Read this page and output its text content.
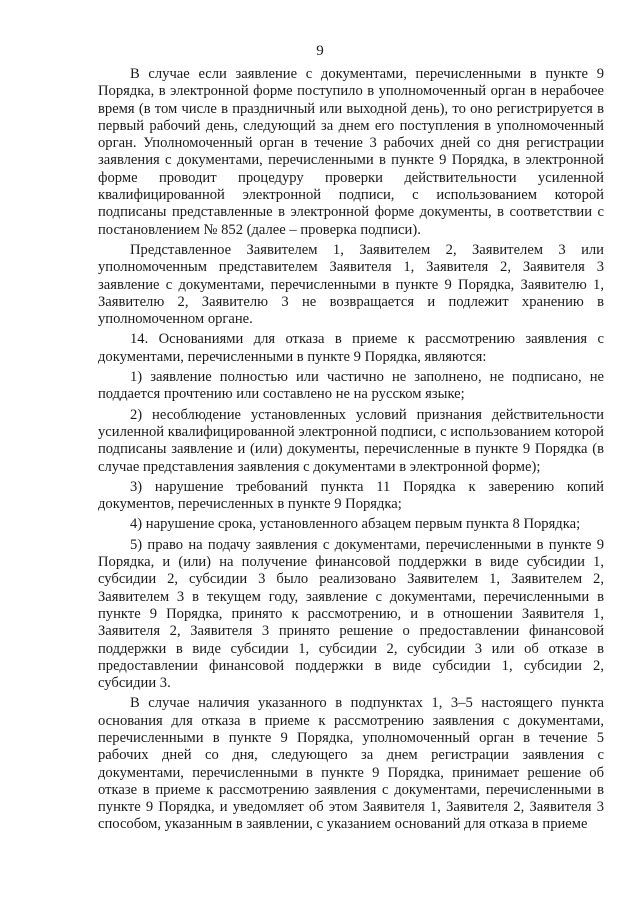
9

В случае если заявление с документами, перечисленными в пункте 9 Порядка, в электронной форме поступило в уполномоченный орган в нерабочее время (в том числе в праздничный или выходной день), то оно регистрируется в первый рабочий день, следующий за днем его поступления в уполномоченный орган. Уполномоченный орган в течение 3 рабочих дней со дня регистрации заявления с документами, перечисленными в пункте 9 Порядка, в электронной форме проводит процедуру проверки действительности усиленной квалифицированной электронной подписи, с использованием которой подписаны представленные в электронной форме документы, в соответствии с постановлением № 852 (далее – проверка подписи).

Представленное Заявителем 1, Заявителем 2, Заявителем 3 или уполномоченным представителем Заявителя 1, Заявителя 2, Заявителя 3 заявление с документами, перечисленными в пункте 9 Порядка, Заявителю 1, Заявителю 2, Заявителю 3 не возвращается и подлежит хранению в уполномоченном органе.

14. Основаниями для отказа в приеме к рассмотрению заявления с документами, перечисленными в пункте 9 Порядка, являются:

1) заявление полностью или частично не заполнено, не подписано, не поддается прочтению или составлено не на русском языке;

2) несоблюдение установленных условий признания действительности усиленной квалифицированной электронной подписи, с использованием которой подписаны заявление и (или) документы, перечисленные в пункте 9 Порядка (в случае представления заявления с документами в электронной форме);

3) нарушение требований пункта 11 Порядка к заверению копий документов, перечисленных в пункте 9 Порядка;

4) нарушение срока, установленного абзацем первым пункта 8 Порядка;

5) право на подачу заявления с документами, перечисленными в пункте 9 Порядка, и (или) на получение финансовой поддержки в виде субсидии 1, субсидии 2, субсидии 3 было реализовано Заявителем 1, Заявителем 2, Заявителем 3 в текущем году, заявление с документами, перечисленными в пункте 9 Порядка, принято к рассмотрению, и в отношении Заявителя 1, Заявителя 2, Заявителя 3 принято решение о предоставлении финансовой поддержки в виде субсидии 1, субсидии 2, субсидии 3 или об отказе в предоставлении финансовой поддержки в виде субсидии 1, субсидии 2, субсидии 3.

В случае наличия указанного в подпунктах 1, 3–5 настоящего пункта основания для отказа в приеме к рассмотрению заявления с документами, перечисленными в пункте 9 Порядка, уполномоченный орган в течение 5 рабочих дней со дня, следующего за днем регистрации заявления с документами, перечисленными в пункте 9 Порядка, принимает решение об отказе в приеме к рассмотрению заявления с документами, перечисленными в пункте 9 Порядка, и уведомляет об этом Заявителя 1, Заявителя 2, Заявителя 3 способом, указанным в заявлении, с указанием оснований для отказа в приеме
